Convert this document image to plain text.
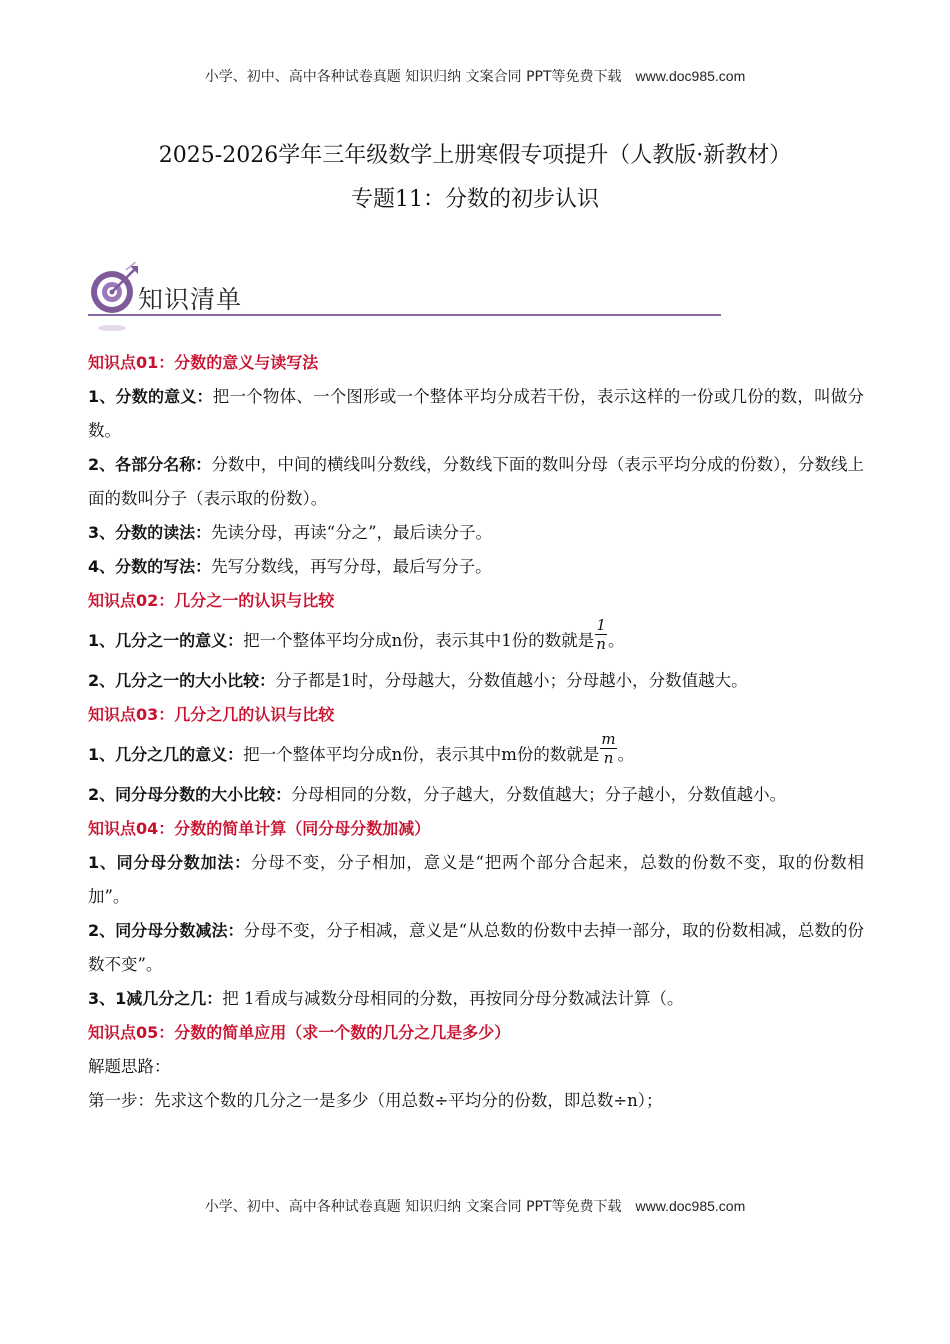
小学、初中、高中各种试卷真题 知识归纳 文案合同 PPT等免费下载 www.doc985.com
2025-2026学年三年级数学上册寒假专项提升（人教版·新教材）
专题11：分数的初步认识
知识清单
知识点01：分数的意义与读写法

1、分数的意义：把一个物体、一个图形或一个整体平均分成若干份，表示这样的一份或几份的数，叫做分数。

2、各部分名称：分数中，中间的横线叫分数线，分数线下面的数叫分母（表示平均分成的份数），分数线上面的数叫分子（表示取的份数）。

3、分数的读法：先读分母，再读“分之”，最后读分子。

4、分数的写法：先写分数线，再写分母，最后写分子。

知识点02：几分之一的认识与比较

1、几分之一的意义：把一个整体平均分成n份，表示其中1份的数就是 $\frac{1}{n}$ 。

2、几分之一的大小比较：分子都是1时，分母越大，分数值越小；分母越小，分数值越大。

知识点03：几分之几的认识与比较

1、几分之几的意义：把一个整体平均分成n份，表示其中m份的数就是 $\frac{m}{n}$ 。

2、同分母分数的大小比较：分母相同的分数，分子越大，分数值越大；分子越小，分数值越小。

知识点04：分数的简单计算（同分母分数加减）

1、同分母分数加法：分母不变，分子相加，意义是“把两个部分合起来，总数的份数不变，取的份数相加”。

2、同分母分数减法：分母不变，分子相减，意义是“从总数的份数中去掉一部分，取的份数相减，总数的份数不变”。

3、1减几分之几：把 1看成与减数分母相同的分数，再按同分母分数减法计算（。

知识点05：分数的简单应用（求一个数的几分之几是多少）

解题思路：

第一步：先求这个数的几分之一是多少（用总数÷平均分的份数，即总数÷n）；

小学、初中、高中各种试卷真题 知识归纳 文案合同 PPT等免费下载 www.doc985.com
